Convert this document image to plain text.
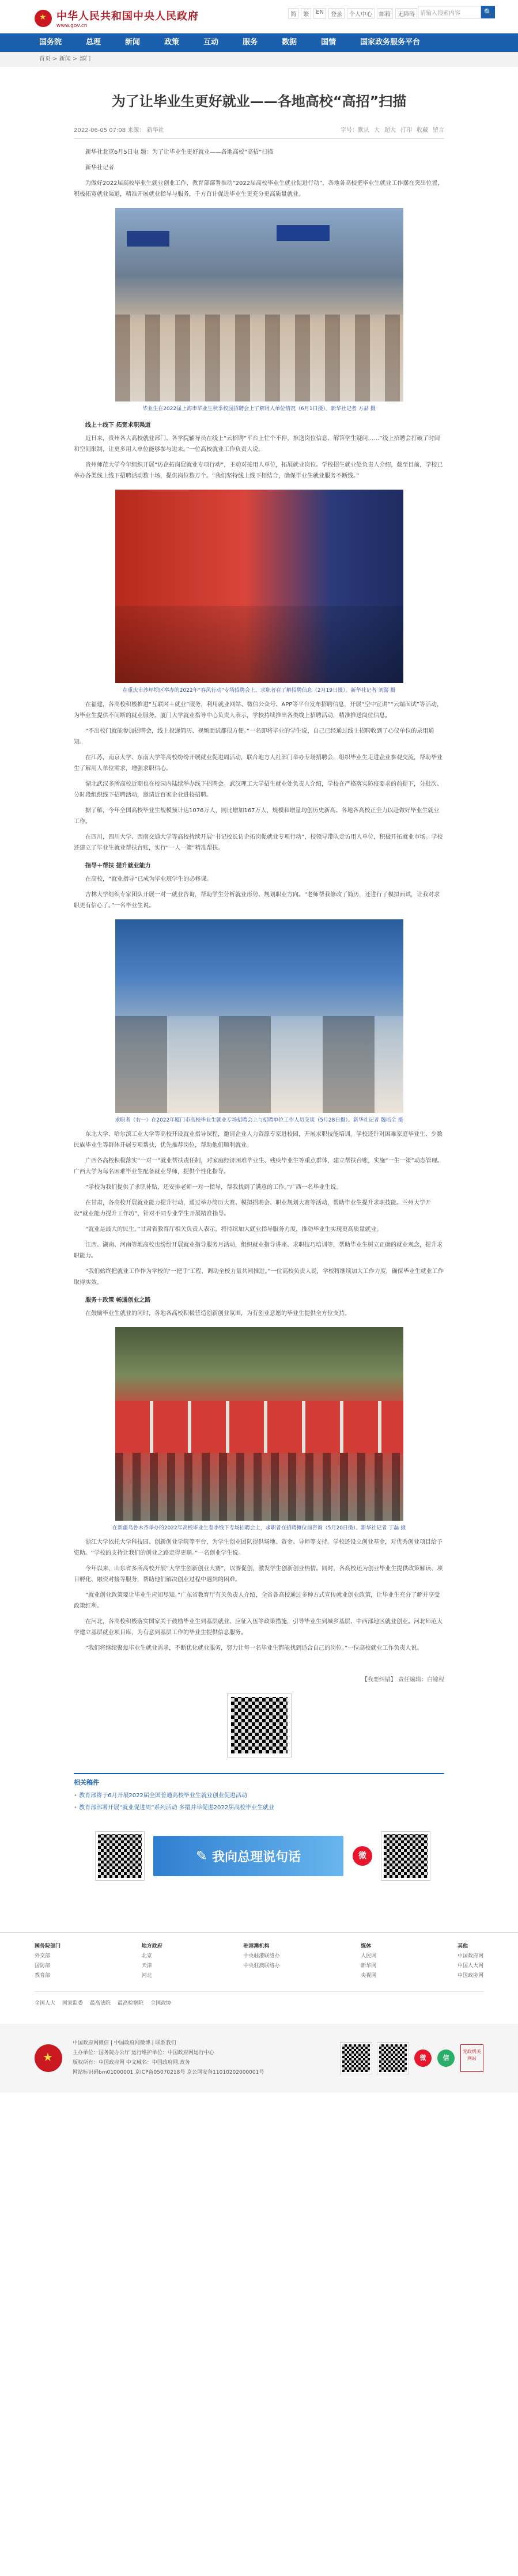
★
中华人民共和国中央人民政府
www.gov.cn
简	繁	EN	登录	个人中心	邮箱	无障碍 请输入搜索内容	🔍
国务院	总理	新闻	政策	互动	服务	数据	国情	国家政务服务平台
首页 > 新闻 > 部门
为了让毕业生更好就业——各地高校“高招”扫描
2022-06-05 07:08 来源： 新华社	字号：默认 大 超大 打印 收藏 留言

新华社北京6月5日电 题：为了让毕业生更好就业——各地高校“高招”扫描

新华社记者

为做好2022届高校毕业生就业创业工作，教育部部署推动“2022届高校毕业生就业促进行动”，各地各高校把毕业生就业工作摆在突出位置，积极拓宽就业渠道，精准开展就业指导与服务，千方百计促进毕业生更充分更高质量就业。

毕业生在2022届上海市毕业生秋季校园招聘会上了解用人单位情况（6月1日摄）。新华社记者 方喆 摄

线上＋线下 拓宽求职渠道

近日来，贵州各大高校就业部门、各学院辅导员在线上“云招聘”平台上忙个不停，推送岗位信息、解答学生疑问……“线上招聘会打破了时间和空间限制，让更多用人单位能够参与进来。”一位高校就业工作负责人说。

贵州师范大学今年组织开展“访企拓岗促就业专项行动”，主动对接用人单位，拓展就业岗位。学校招生就业处负责人介绍，截至目前，学校已举办各类线上线下招聘活动数十场，提供岗位数万个。“我们坚持线上线下相结合，确保毕业生就业服务不断线。”

在重庆市沙坪坝区举办的2022年“春风行动”专场招聘会上，求职者在了解招聘信息（2月19日摄）。新华社记者 刘潺 摄

在福建，各高校积极推进“互联网＋就业”服务，利用就业网站、微信公众号、APP等平台发布招聘信息，开展“空中宣讲”“云端面试”等活动，为毕业生提供不间断的就业服务。厦门大学就业指导中心负责人表示，学校持续推出各类线上招聘活动，精准推送岗位信息。

“不出校门就能参加招聘会，线上投递简历、视频面试都很方便。”一名即将毕业的学生说，自己已经通过线上招聘收到了心仪单位的录用通知。

在江苏，南京大学、东南大学等高校纷纷开展就业促进周活动，联合地方人社部门举办专场招聘会，组织毕业生走进企业参观交流，帮助毕业生了解用人单位需求，增强求职信心。

湖北武汉多所高校近期也在校园内陆续举办线下招聘会。武汉理工大学招生就业处负责人介绍，学校在严格落实防疫要求的前提下，分批次、分时段组织线下招聘活动，邀请近百家企业进校招聘。

据了解，今年全国高校毕业生规模预计达1076万人，同比增加167万人，规模和增量均创历史新高。各地各高校正全力以赴做好毕业生就业工作。

在四川，四川大学、西南交通大学等高校持续开展“书记校长访企拓岗促就业专项行动”，校领导带队走访用人单位，积极开拓就业市场。学校还建立了毕业生就业帮扶台账，实行“一人一策”精准帮扶。

指导＋帮扶 提升就业能力

在高校，“就业指导”已成为毕业班学生的必修课。

吉林大学组织专家团队开展一对一就业咨询，帮助学生分析就业形势、规划职业方向。“老师帮我修改了简历，还进行了模拟面试，让我对求职更有信心了。”一名毕业生说。

求职者（右一）在2022年厦门市高校毕业生就业专场招聘会上与招聘单位工作人员交谈（5月28日摄）。新华社记者 魏培全 摄

东北大学、哈尔滨工业大学等高校开设就业指导课程，邀请企业人力资源专家进校园，开展求职技能培训。学校还针对困难家庭毕业生、少数民族毕业生等群体开展专项帮扶，优先推荐岗位，帮助他们顺利就业。

广西各高校积极落实“一对一”就业帮扶责任制，对家庭经济困难毕业生、残疾毕业生等重点群体，建立帮扶台账，实施“一生一策”动态管理。广西大学为每名困难毕业生配备就业导师，提供个性化指导。

“学校为我们提供了求职补贴，还安排老师一对一指导，帮我找到了满意的工作。”广西一名毕业生说。

在甘肃，各高校开展就业能力提升行动，通过举办简历大赛、模拟招聘会、职业规划大赛等活动，帮助毕业生提升求职技能。兰州大学开设“就业能力提升工作坊”，针对不同专业学生开展精准指导。

“就业是最大的民生。”甘肃省教育厅相关负责人表示，将持续加大就业指导服务力度，推动毕业生实现更高质量就业。

江西、湖南、河南等地高校也纷纷开展就业指导服务月活动，组织就业指导讲座、求职技巧培训等，帮助毕业生树立正确的就业观念，提升求职能力。

“我们始终把就业工作作为学校的‘一把手’工程，调动全校力量共同推进。”一位高校负责人说，学校将继续加大工作力度，确保毕业生就业工作取得实效。

服务＋政策 畅通创业之路

在鼓励毕业生就业的同时，各地各高校积极营造创新创业氛围，为有创业意愿的毕业生提供全方位支持。

在新疆乌鲁木齐举办的2022年高校毕业生春季线下专场招聘会上，求职者在招聘摊位前咨询（5月20日摄）。新华社记者 丁磊 摄

浙江大学依托大学科技园、创新创业学院等平台，为学生创业团队提供场地、资金、导师等支持。学校还设立创业基金，对优秀创业项目给予资助。“学校的支持让我们的创业之路走得更顺。”一名创业学生说。

今年以来，山东省多所高校开展“大学生创新创业大赛”，以赛促创，激发学生创新创业热情。同时，各高校还为创业毕业生提供政策解读、项目孵化、融资对接等服务，帮助他们解决创业过程中遇到的困难。

“就业创业政策要让毕业生应知尽知。”广东省教育厅有关负责人介绍，全省各高校通过多种方式宣传就业创业政策，让毕业生充分了解并享受政策红利。

在河北，各高校积极落实国家关于鼓励毕业生到基层就业、应征入伍等政策措施，引导毕业生到城乡基层、中西部地区就业创业。河北师范大学建立基层就业项目库，为有意到基层工作的毕业生提供信息服务。

“我们将继续聚焦毕业生就业需求，不断优化就业服务，努力让每一名毕业生都能找到适合自己的岗位。”一位高校就业工作负责人说。

【我要纠错】 责任编辑：白锦程
相关稿件
• 教育部将于6月开展2022届全国普通高校毕业生就业创业促进活动
• 教育部部署开展“就业促进周”系列活动 多措并举促进2022届高校毕业生就业
✎ 我向总理说句话	微
国务院部门
外交部
国防部
教育部
地方政府
北京
天津
河北
驻港澳机构
中央驻港联络办
中央驻澳联络办
媒体
人民网
新华网
央视网
其他
中国政府网
中国人大网
中国政协网
全国人大 国家监委 最高法院 最高检察院 全国政协
★
中国政府网微信 | 中国政府网微博 | 联系我们
主办单位：国务院办公厅 运行维护单位：中国政府网运行中心
版权所有：中国政府网 中文域名：中国政府网.政务
网站标识码bm01000001 京ICP备05070218号 京公网安备11010202000001号
微	信
党政机关网站
